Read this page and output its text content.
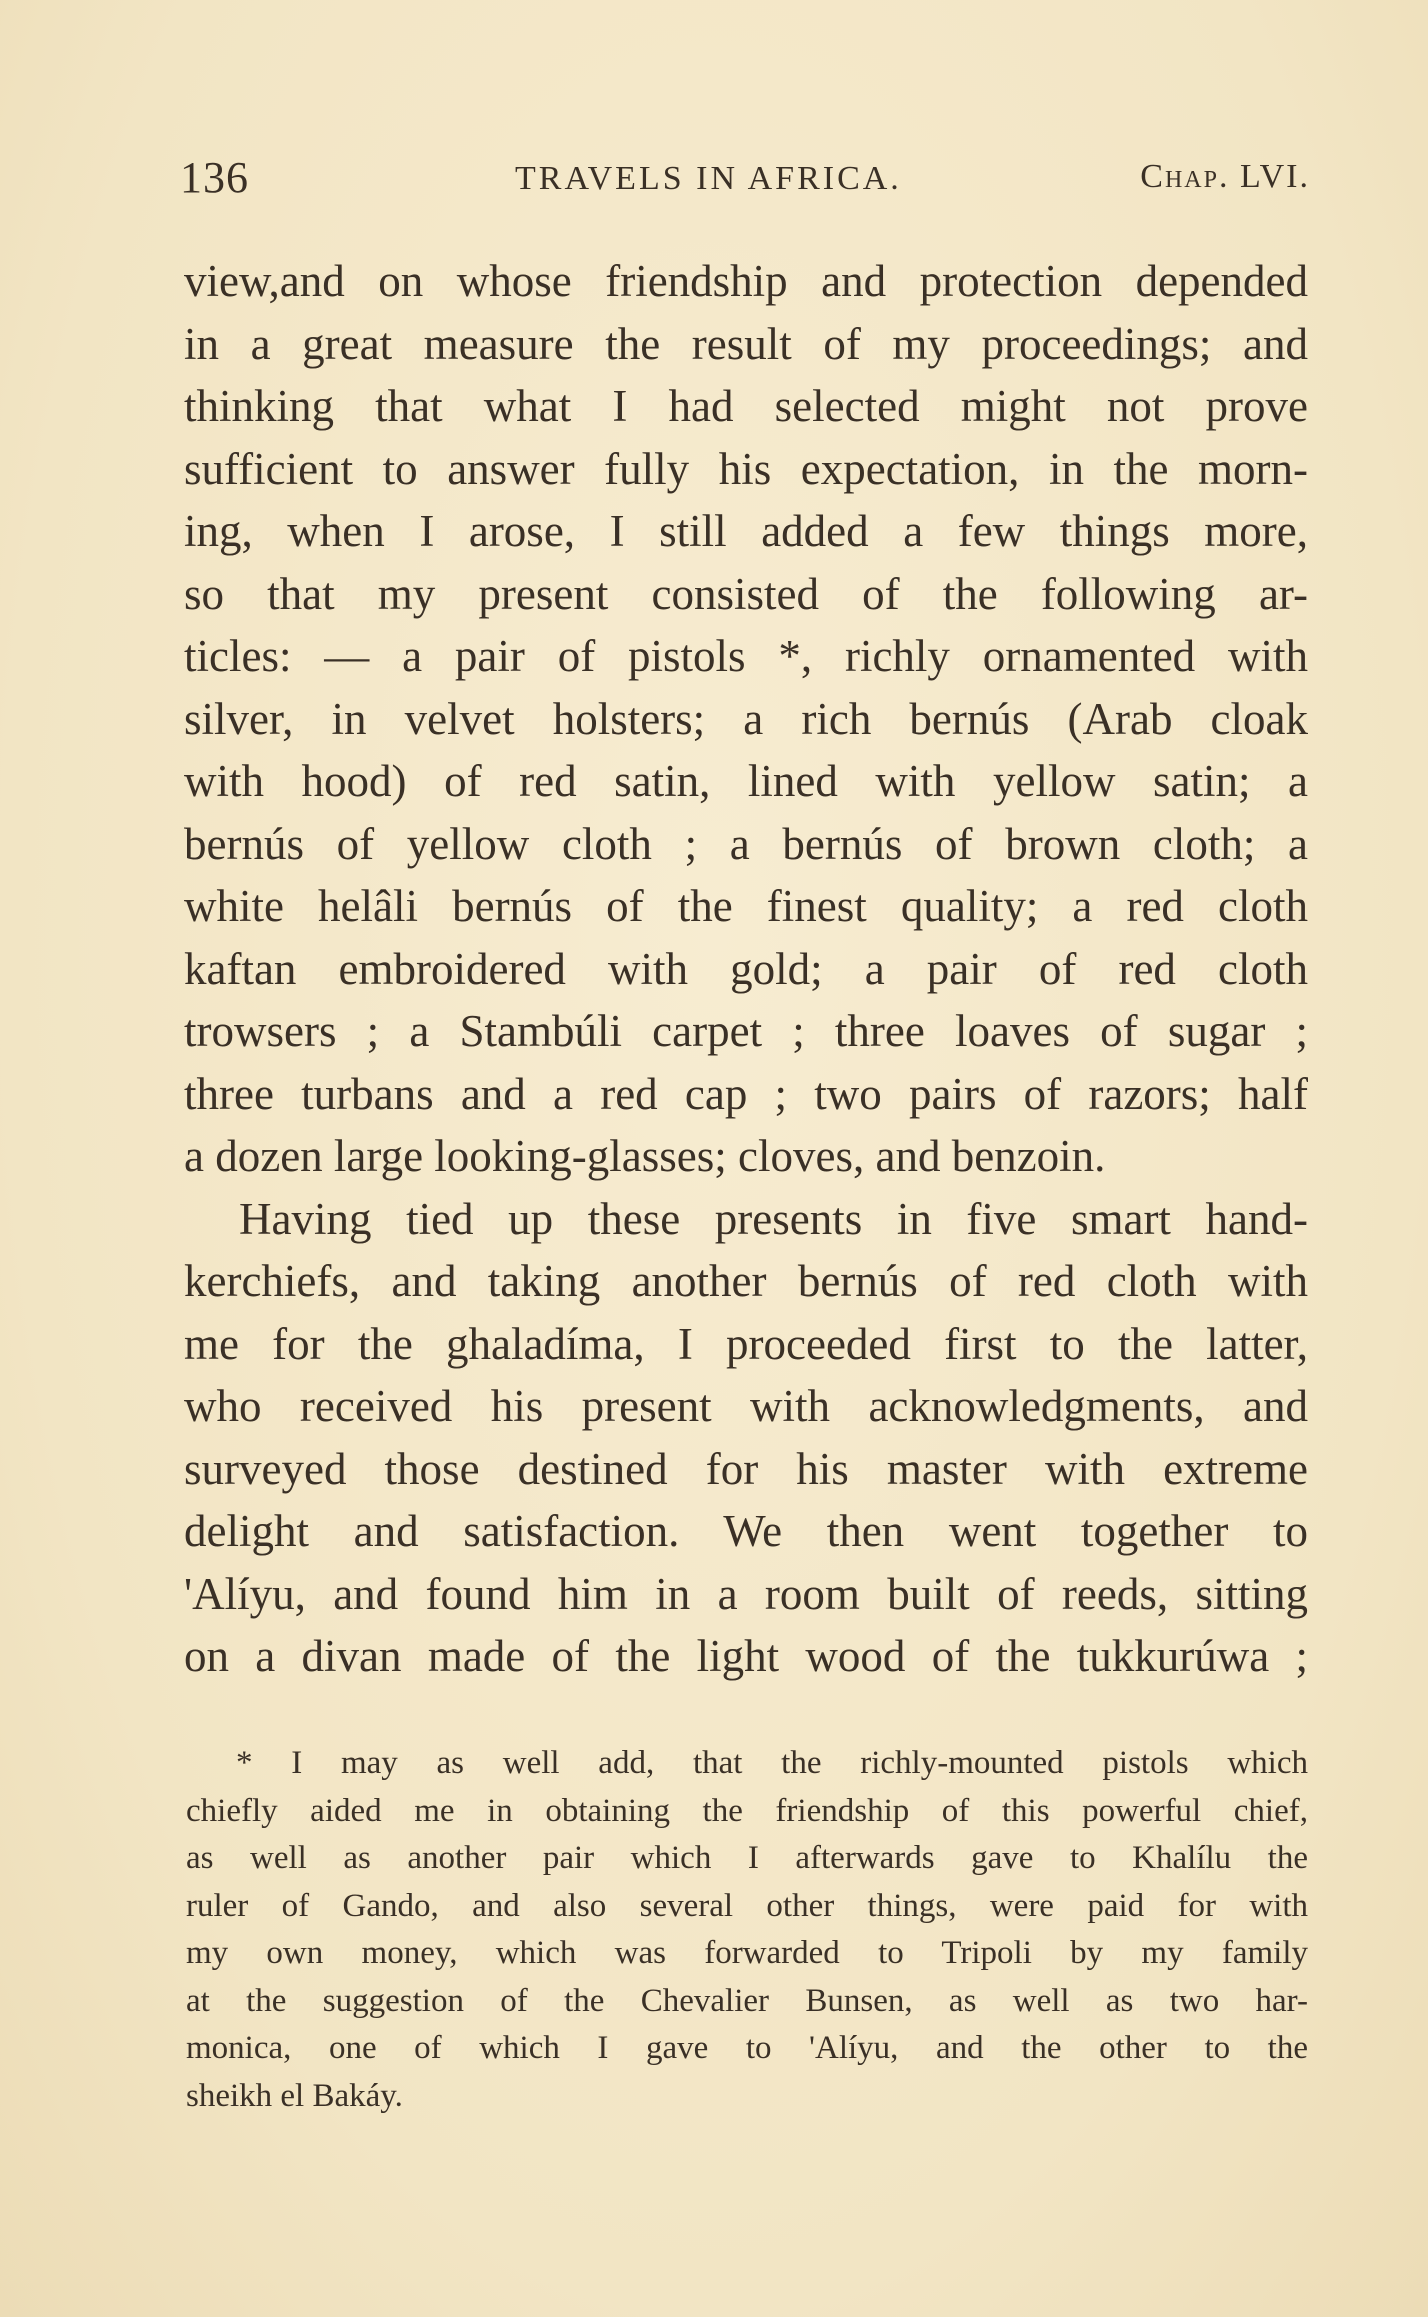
136	TRAVELS IN AFRICA.	Chap. LVI.
view,and on whose friendship and protection depended
in a great measure the result of my proceedings; and
thinking that what I had selected might not prove
sufficient to answer fully his expectation, in the morn-
ing, when I arose, I still added a few things more,
so that my present consisted of the following ar-
ticles: — a pair of pistols *, richly ornamented with
silver, in velvet holsters; a rich bernús (Arab cloak
with hood) of red satin, lined with yellow satin; a
bernús of yellow cloth ; a bernús of brown cloth; a
white helâli bernús of the finest quality; a red cloth
kaftan embroidered with gold; a pair of red cloth
trowsers ; a Stambúli carpet ; three loaves of sugar ;
three turbans and a red cap ; two pairs of razors; half
a dozen large looking-glasses; cloves, and benzoin.
Having tied up these presents in five smart hand-
kerchiefs, and taking another bernús of red cloth with
me for the ghaladíma, I proceeded first to the latter,
who received his present with acknowledgments, and
surveyed those destined for his master with extreme
delight and satisfaction. We then went together to
'Alíyu, and found him in a room built of reeds, sitting
on a divan made of the light wood of the tukkurúwa ;
* I may as well add, that the richly-mounted pistols which
chiefly aided me in obtaining the friendship of this powerful chief,
as well as another pair which I afterwards gave to Khalílu the
ruler of Gando, and also several other things, were paid for with
my own money, which was forwarded to Tripoli by my family
at the suggestion of the Chevalier Bunsen, as well as two har-
monica, one of which I gave to 'Alíyu, and the other to the
sheikh el Bakáy.
